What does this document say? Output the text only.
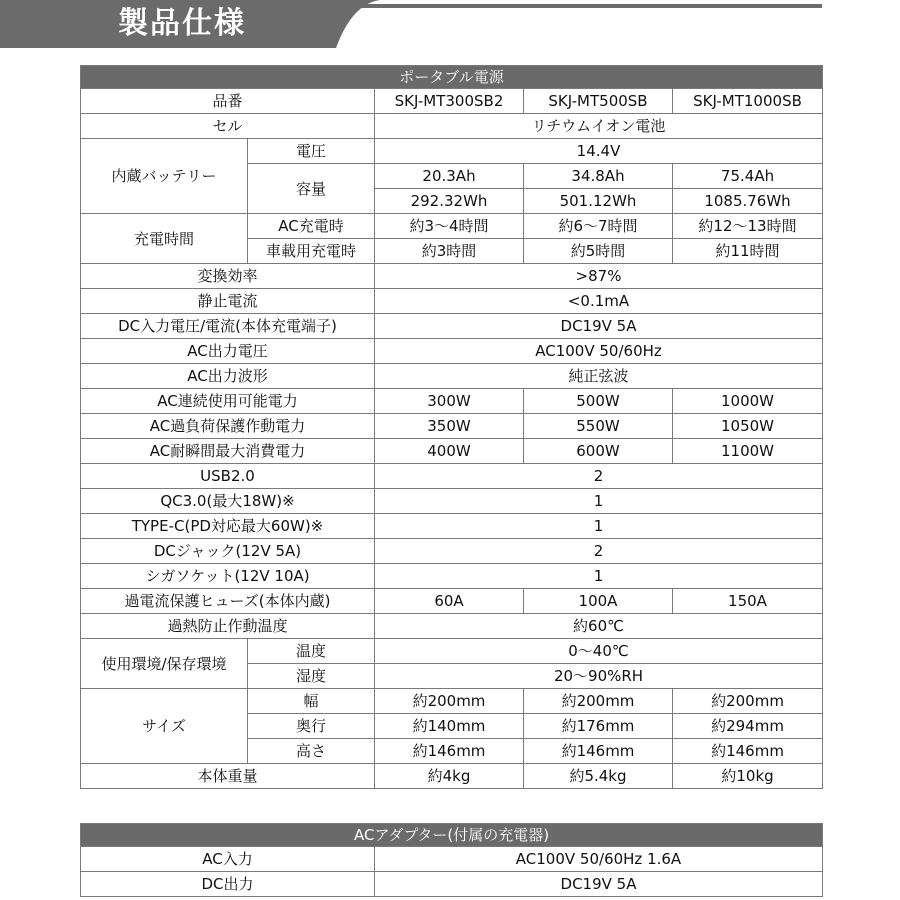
製品仕様
ポータブル電源				
品番		SKJ-MT300SB2	SKJ-MT500SB	SKJ-MT1000SB
セル		リチウムイオン電池		
内蔵バッテリー	電圧	14.4V		
	容量	20.3Ah	34.8Ah	75.4Ah
		292.32Wh	501.12Wh	1085.76Wh
充電時間	AC充電時	約3～4時間	約6～7時間	約12～13時間
	車載用充電時	約3時間	約5時間	約11時間
変換効率		>87%		
静止電流		<0.1mA		
DC入力電圧/電流(本体充電端子)		DC19V 5A		
AC出力電圧		AC100V 50/60Hz		
AC出力波形		純正弦波		
AC連続使用可能電力		300W	500W	1000W
AC過負荷保護作動電力		350W	550W	1050W
AC耐瞬間最大消費電力		400W	600W	1100W
USB2.0		2		
QC3.0(最大18W)※		1		
TYPE-C(PD対応最大60W)※		1		
DCジャック(12V 5A)		2		
シガソケット(12V 10A)		1		
過電流保護ヒューズ(本体内蔵)		60A	100A	150A
過熱防止作動温度		約60℃		
使用環境/保存環境	温度	0～40℃		
	湿度	20～90%RH		
サイズ	幅	約200mm	約200mm	約200mm
	奥行	約140mm	約176mm	約294mm
	高さ	約146mm	約146mm	約146mm
本体重量		約4kg	約5.4kg	約10kg
ACアダプター(付属の充電器)	
AC入力	AC100V 50/60Hz 1.6A
DC出力	DC19V 5A
